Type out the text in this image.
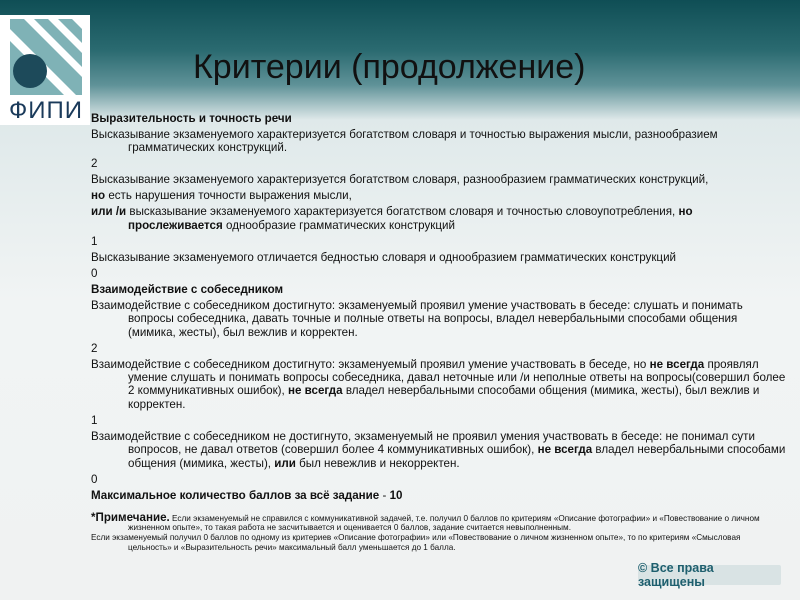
ФИПИ
Критерии (продолжение)

Выразительность и точность речи

Высказывание экзаменуемого характеризуется богатством словаря и точностью выражения мысли, разнообразием грамматических конструкций.

2

Высказывание экзаменуемого характеризуется богатством словаря, разнообразием грамматических конструкций,

но есть нарушения точности выражения мысли,

или /и высказывание экзаменуемого характеризуется богатством словаря и точностью словоупотребления, но прослеживается однообразие грамматических конструкций

1

Высказывание экзаменуемого отличается бедностью словаря и однообразием грамматических конструкций

0

Взаимодействие с собеседником

Взаимодействие с собеседником достигнуто: экзаменуемый проявил умение участвовать в беседе: слушать и понимать вопросы собеседника, давать точные и полные ответы на вопросы, владел невербальными способами общения (мимика, жесты), был вежлив и корректен.

2

Взаимодействие с собеседником достигнуто: экзаменуемый проявил умение участвовать в беседе, но не всегда проявлял умение слушать и понимать вопросы собеседника, давал неточные или /и неполные ответы на вопросы(совершил более 2 коммуникативных ошибок), не всегда владел невербальными способами общения (мимика, жесты), был вежлив и корректен.

1

Взаимодействие с собеседником не достигнуто, экзаменуемый не проявил умения участвовать в беседе: не понимал сути вопросов, не давал ответов (совершил более 4 коммуникативных ошибок), не всегда владел невербальными способами общения (мимика, жесты), или был невежлив и некорректен.

0

Максимальное количество баллов за всё задание - 10

*Примечание. Если экзаменуемый не справился с коммуникативной задачей, т.е. получил 0 баллов по критериям «Описание фотографии» и «Повествование о личном жизненном опыте», то такая работа не засчитывается и оценивается 0 баллов, задание считается невыполненным.

Если экзаменуемый получил 0 баллов по одному из критериев «Описание фотографии» или «Повествование о личном жизненном опыте», то по критериям «Смысловая цельность» и «Выразительность речи» максимальный балл уменьшается до 1 балла.

© Все права защищены
